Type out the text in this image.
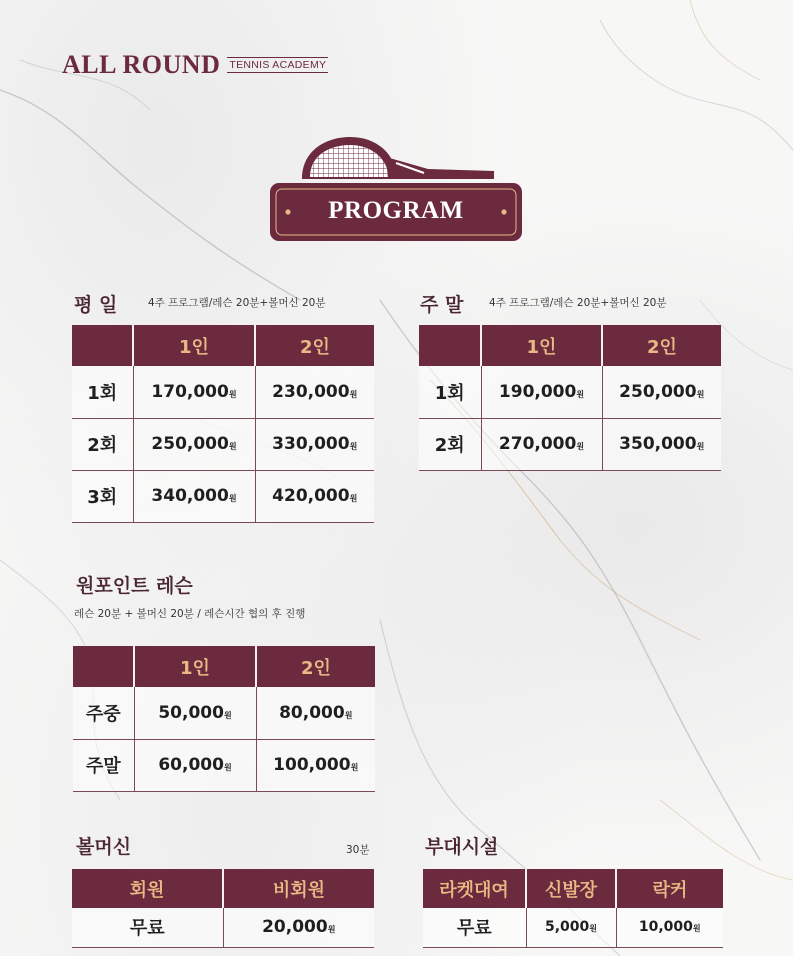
ALL ROUND TENNIS ACADEMY
PROGRAM
평 일	4주 프로그램/레슨 20분+볼머신 20분
	1인	2인
1회	170,000원	230,000원
2회	250,000원	330,000원
3회	340,000원	420,000원
주 말 4주 프로그램/레슨 20분+볼머신 20분
	1인	2인
1회	190,000원	250,000원
2회	270,000원	350,000원
원포인트 레슨
레슨 20분 + 볼머신 20분 / 레슨시간 협의 후 진행
	1인	2인
주중	50,000원	80,000원
주말	60,000원	100,000원
볼머신	30분
회원	비회원
무료	20,000원
부대시설
라켓대여	신발장	락커
무료	5,000원	10,000원
